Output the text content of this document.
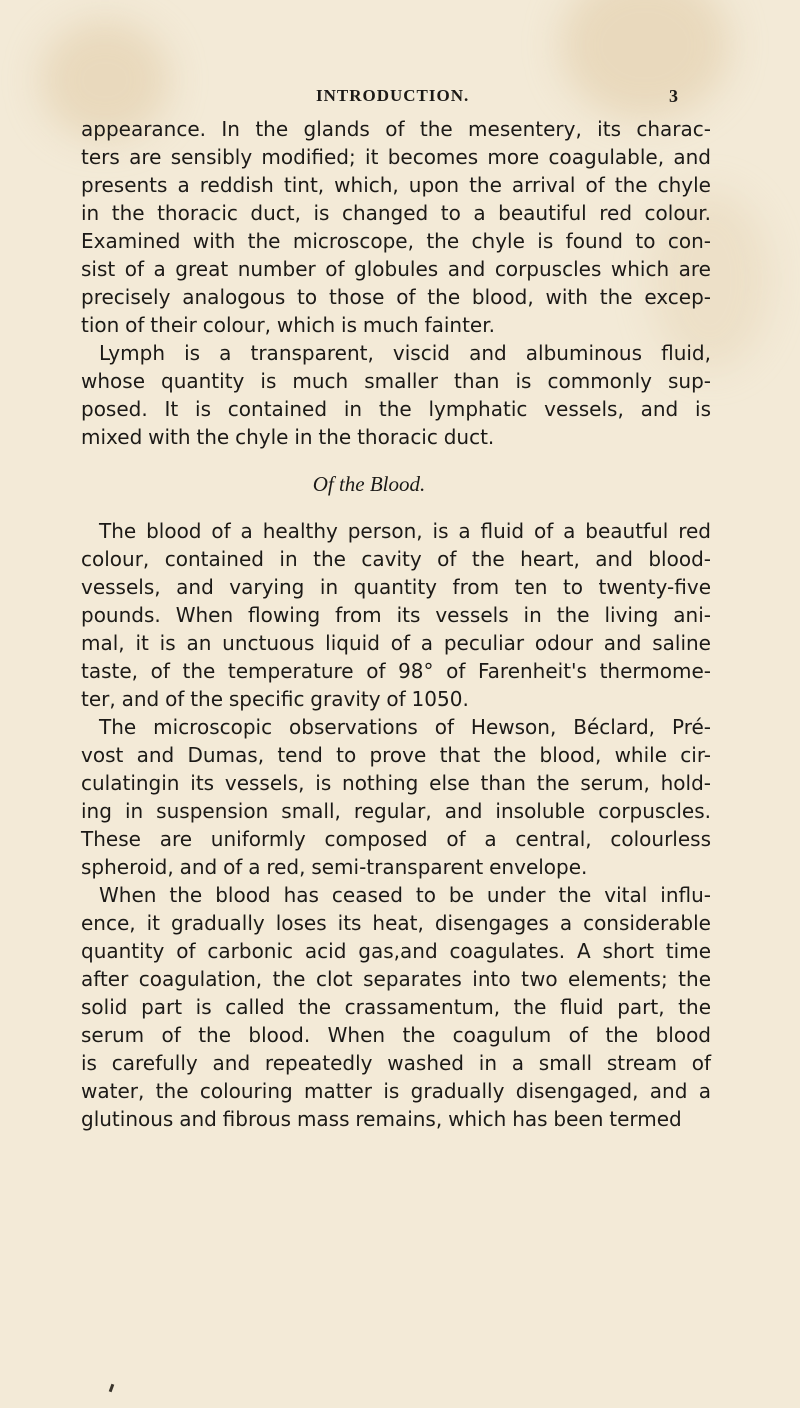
INTRODUCTION.	3
appearance. In the glands of the mesentery, its charac-
ters are sensibly modified; it becomes more coagulable, and
presents a reddish tint, which, upon the arrival of the chyle
in the thoracic duct, is changed to a beautiful red colour.
Examined with the microscope, the chyle is found to con-
sist of a great number of globules and corpuscles which are
precisely analogous to those of the blood, with the excep-
tion of their colour, which is much fainter.
Lymph is a transparent, viscid and albuminous fluid,
whose quantity is much smaller than is commonly sup-
posed. It is contained in the lymphatic vessels, and is
mixed with the chyle in the thoracic duct.
Of the Blood.
The blood of a healthy person, is a fluid of a beautful red
colour, contained in the cavity of the heart, and blood-
vessels, and varying in quantity from ten to twenty-five
pounds. When flowing from its vessels in the living ani-
mal, it is an unctuous liquid of a peculiar odour and saline
taste, of the temperature of 98° of Farenheit's thermome-
ter, and of the specific gravity of 1050.
The microscopic observations of Hewson, Béclard, Pré-
vost and Dumas, tend to prove that the blood, while cir-
culatingin its vessels, is nothing else than the serum, hold-
ing in suspension small, regular, and insoluble corpuscles.
These are uniformly composed of a central, colourless
spheroid, and of a red, semi-transparent envelope.
When the blood has ceased to be under the vital influ-
ence, it gradually loses its heat, disengages a considerable
quantity of carbonic acid gas,and coagulates. A short time
after coagulation, the clot separates into two elements; the
solid part is called the crassamentum, the fluid part, the
serum of the blood. When the coagulum of the blood
is carefully and repeatedly washed in a small stream of
water, the colouring matter is gradually disengaged, and a
glutinous and fibrous mass remains, which has been termed
